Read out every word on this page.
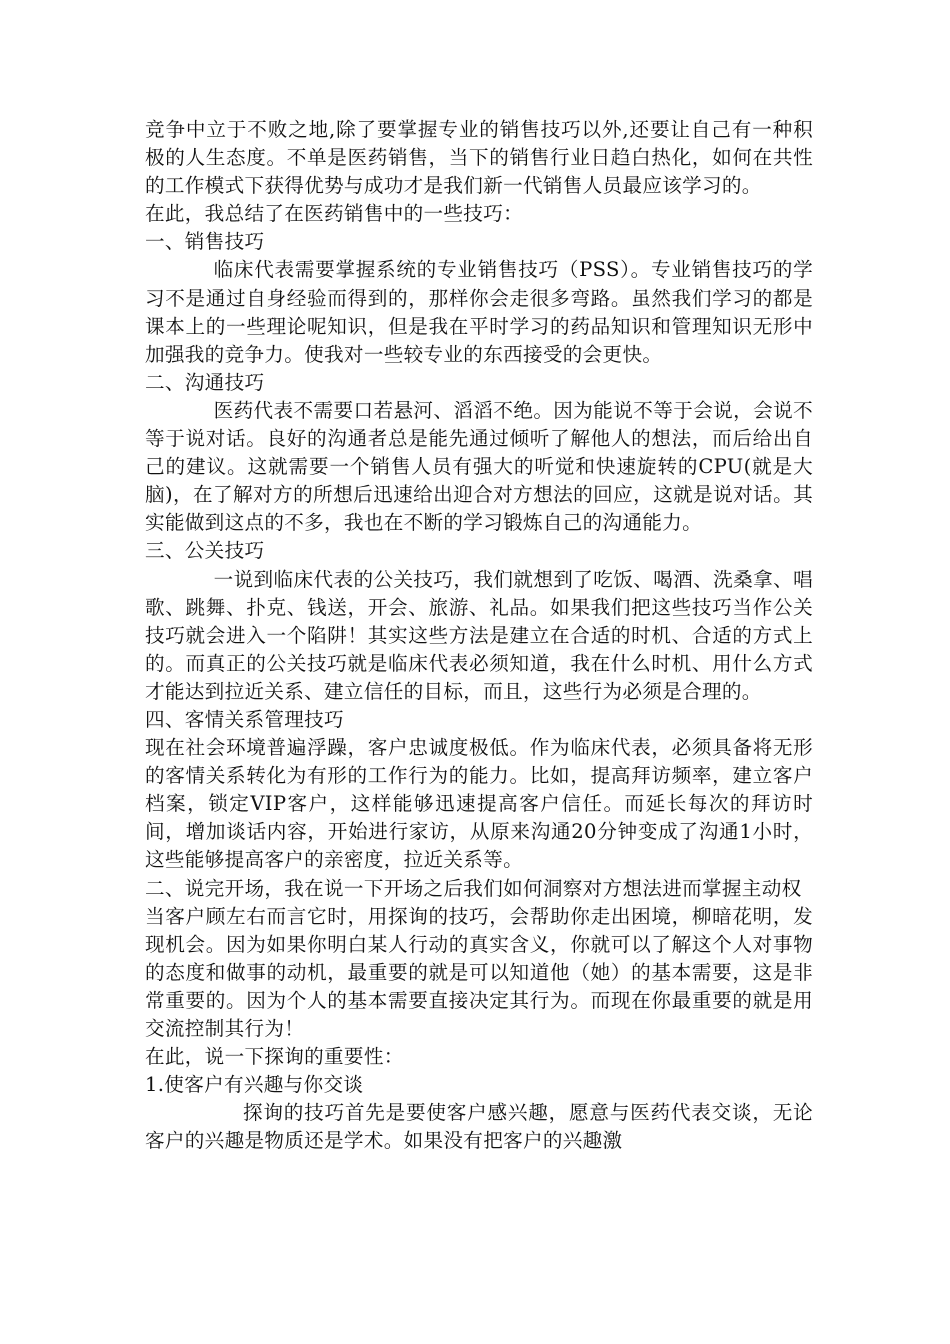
竞争中立于不败之地,除了要掌握专业的销售技巧以外,还要让自己有一种积极的人生态度。不单是医药销售，当下的销售行业日趋白热化，如何在共性的工作模式下获得优势与成功才是我们新一代销售人员最应该学习的。

在此，我总结了在医药销售中的一些技巧：

一、销售技巧

临床代表需要掌握系统的专业销售技巧（PSS）。专业销售技巧的学习不是通过自身经验而得到的，那样你会走很多弯路。虽然我们学习的都是课本上的一些理论呢知识，但是我在平时学习的药品知识和管理知识无形中加强我的竞争力。使我对一些较专业的东西接受的会更快。

二、沟通技巧

医药代表不需要口若悬河、滔滔不绝。因为能说不等于会说，会说不等于说对话。良好的沟通者总是能先通过倾听了解他人的想法，而后给出自己的建议。这就需要一个销售人员有强大的听觉和快速旋转的CPU(就是大脑)，在了解对方的所想后迅速给出迎合对方想法的回应，这就是说对话。其实能做到这点的不多，我也在不断的学习锻炼自己的沟通能力。

三、公关技巧

一说到临床代表的公关技巧，我们就想到了吃饭、喝酒、洗桑拿、唱歌、跳舞、扑克、钱送，开会、旅游、礼品。如果我们把这些技巧当作公关技巧就会进入一个陷阱！其实这些方法是建立在合适的时机、合适的方式上的。而真正的公关技巧就是临床代表必须知道，我在什么时机、用什么方式才能达到拉近关系、建立信任的目标，而且，这些行为必须是合理的。

四、客情关系管理技巧

现在社会环境普遍浮躁，客户忠诚度极低。作为临床代表，必须具备将无形的客情关系转化为有形的工作行为的能力。比如，提高拜访频率，建立客户档案，锁定VIP客户，这样能够迅速提高客户信任。而延长每次的拜访时间，增加谈话内容，开始进行家访，从原来沟通20分钟变成了沟通1小时，这些能够提高客户的亲密度，拉近关系等。

二、说完开场，我在说一下开场之后我们如何洞察对方想法进而掌握主动权

当客户顾左右而言它时，用探询的技巧，会帮助你走出困境，柳暗花明，发现机会。因为如果你明白某人行动的真实含义，你就可以了解这个人对事物的态度和做事的动机，最重要的就是可以知道他（她）的基本需要，这是非常重要的。因为个人的基本需要直接决定其行为。而现在你最重要的就是用交流控制其行为！

在此，说一下探询的重要性：

1.使客户有兴趣与你交谈

探询的技巧首先是要使客户感兴趣，愿意与医药代表交谈，无论客户的兴趣是物质还是学术。如果没有把客户的兴趣激
